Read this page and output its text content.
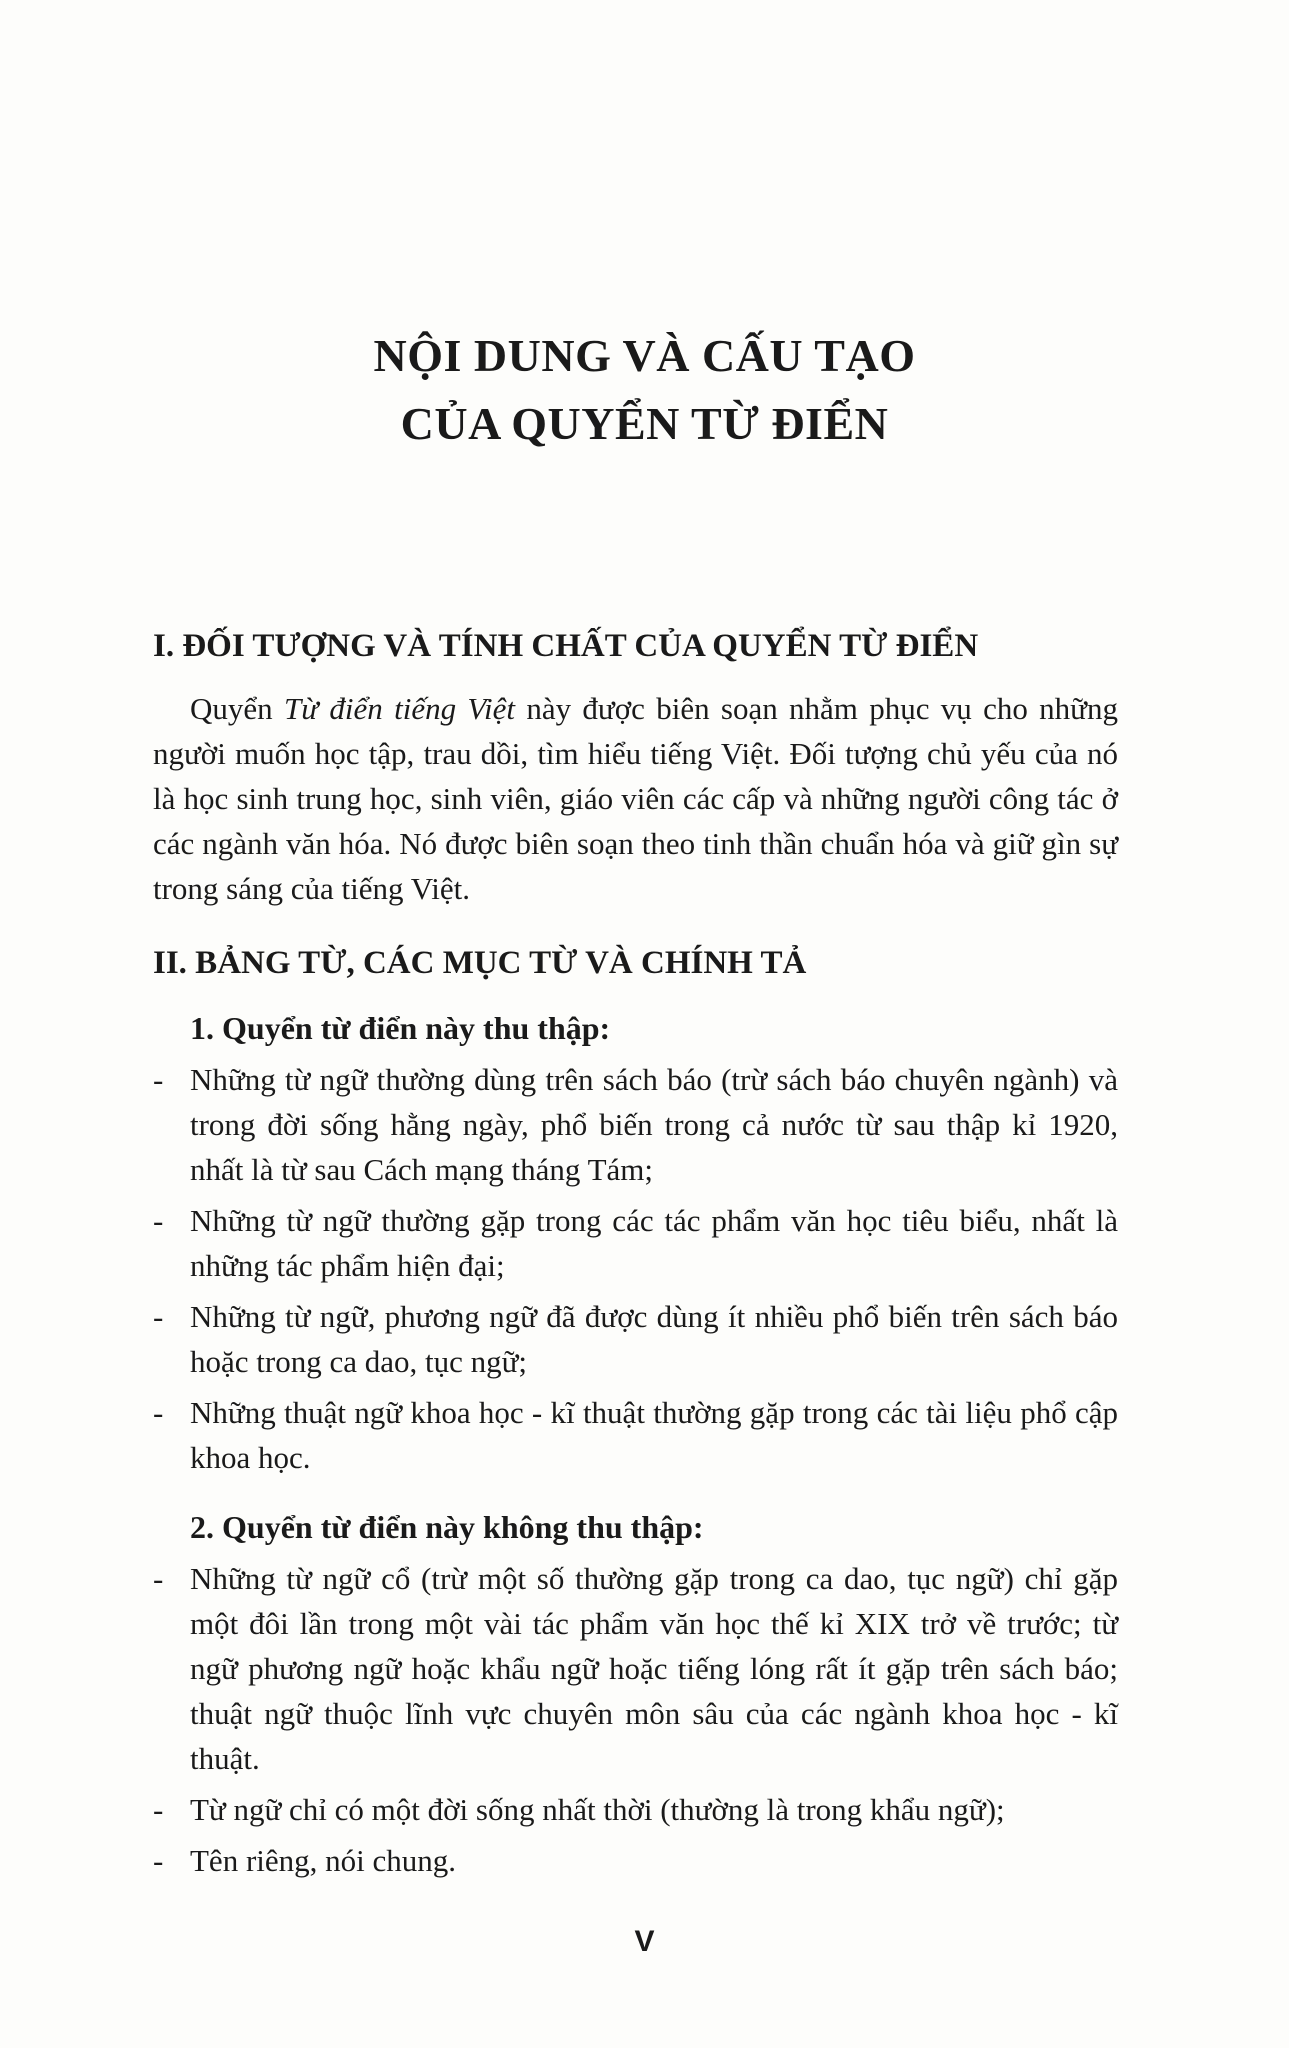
NỘI DUNG VÀ CẤU TẠO
CỦA QUYỂN TỪ ĐIỂN
I. ĐỐI TƯỢNG VÀ TÍNH CHẤT CỦA QUYỂN TỪ ĐIỂN

Quyển Từ điển tiếng Việt này được biên soạn nhằm phục vụ cho những người muốn học tập, trau dồi, tìm hiểu tiếng Việt. Đối tượng chủ yếu của nó là học sinh trung học, sinh viên, giáo viên các cấp và những người công tác ở các ngành văn hóa. Nó được biên soạn theo tinh thần chuẩn hóa và giữ gìn sự trong sáng của tiếng Việt.

II. BẢNG TỪ, CÁC MỤC TỪ VÀ CHÍNH TẢ
1. Quyển từ điển này thu thập:
- Những từ ngữ thường dùng trên sách báo (trừ sách báo chuyên ngành) và trong đời sống hằng ngày, phổ biến trong cả nước từ sau thập kỉ 1920, nhất là từ sau Cách mạng tháng Tám;
- Những từ ngữ thường gặp trong các tác phẩm văn học tiêu biểu, nhất là những tác phẩm hiện đại;
- Những từ ngữ, phương ngữ đã được dùng ít nhiều phổ biến trên sách báo hoặc trong ca dao, tục ngữ;
- Những thuật ngữ khoa học - kĩ thuật thường gặp trong các tài liệu phổ cập khoa học.
2. Quyển từ điển này không thu thập:
- Những từ ngữ cổ (trừ một số thường gặp trong ca dao, tục ngữ) chỉ gặp một đôi lần trong một vài tác phẩm văn học thế kỉ XIX trở về trước; từ ngữ phương ngữ hoặc khẩu ngữ hoặc tiếng lóng rất ít gặp trên sách báo; thuật ngữ thuộc lĩnh vực chuyên môn sâu của các ngành khoa học - kĩ thuật.
- Từ ngữ chỉ có một đời sống nhất thời (thường là trong khẩu ngữ);
- Tên riêng, nói chung.
V
